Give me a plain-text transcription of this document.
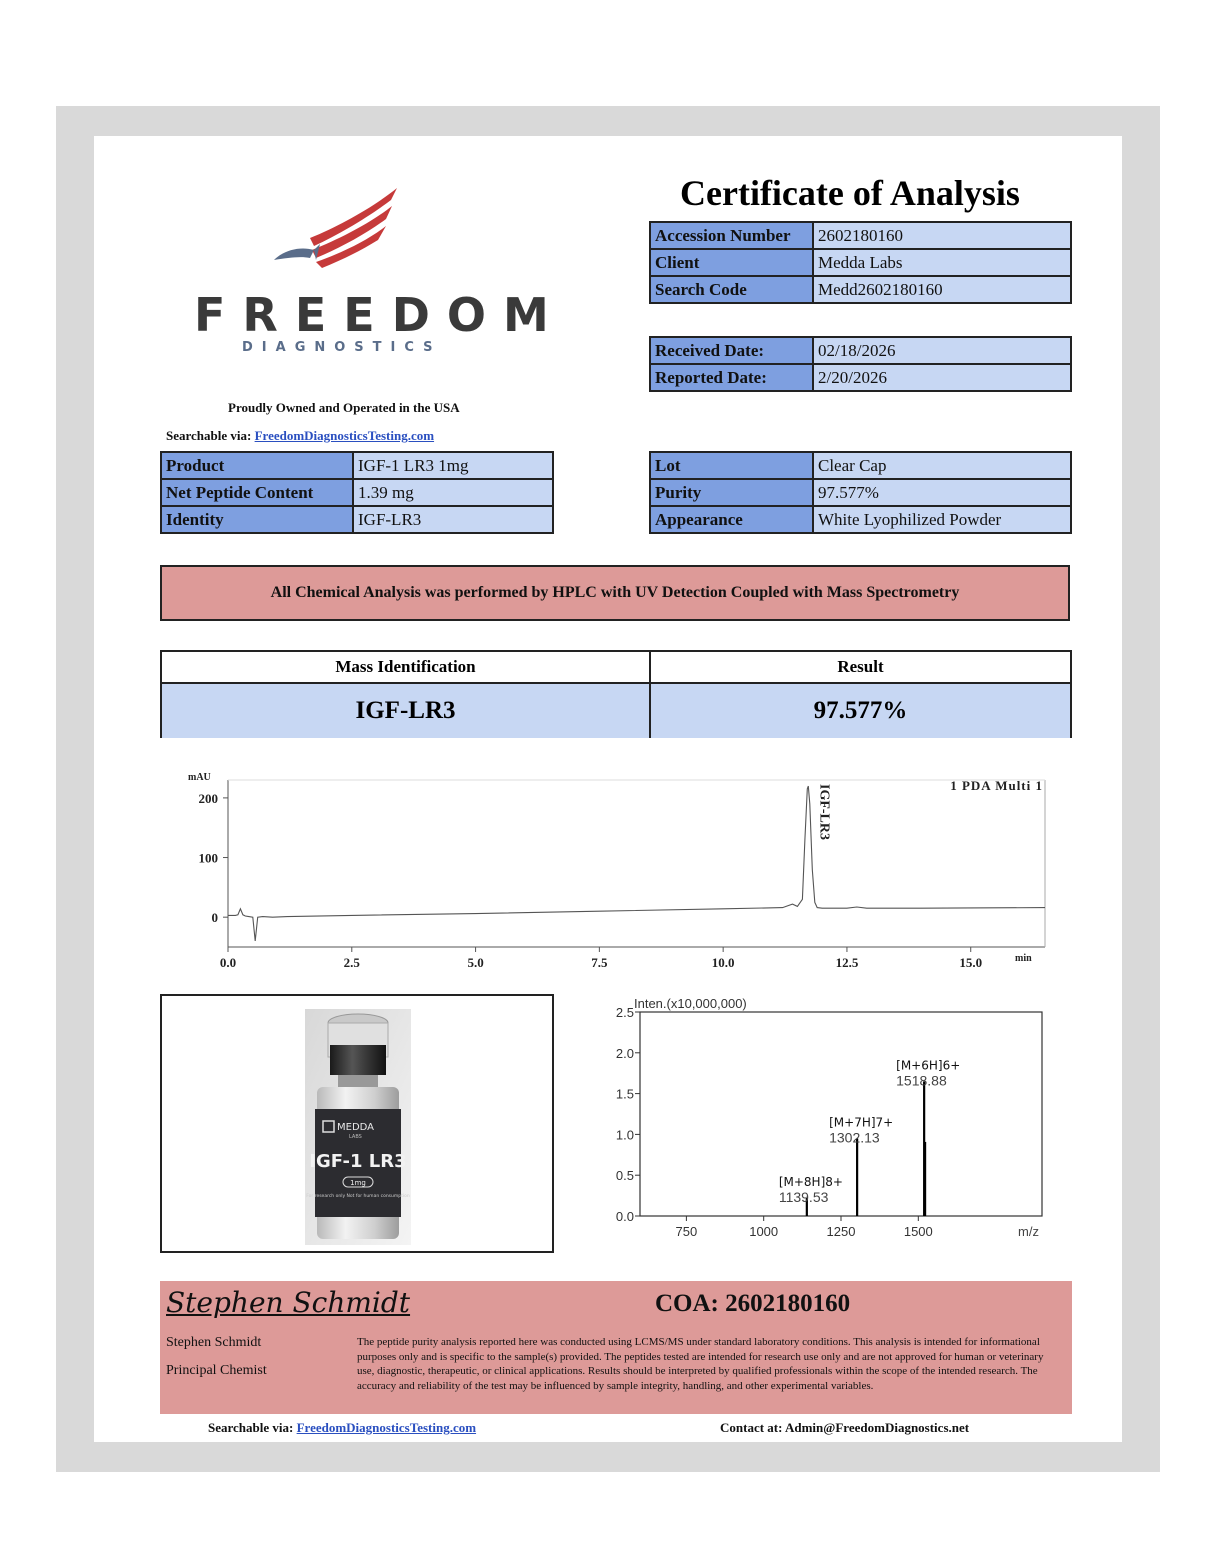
FREEDOM
DIAGNOSTICS
Proudly Owned and Operated in the USA
Searchable via: FreedomDiagnosticsTesting.com
Certificate of Analysis
Accession Number	2602180160
Client	Medda Labs
Search Code	Medd2602180160
Received Date:	02/18/2026
Reported Date:	2/20/2026
Product	IGF-1 LR3 1mg
Net Peptide Content	1.39 mg
Identity	IGF-LR3
Lot	Clear Cap
Purity	97.577%
Appearance	White Lyophilized Powder
All Chemical Analysis was performed by HPLC with UV Detection Coupled with Mass Spectrometry
Mass Identification	Result
IGF-LR3	97.577%
0
100
200
0.0	2.5	5.0	7.5	10.0	12.5	15.0
mAU
min
1 PDA Multi 1
IGF-LR3
MEDDA
LABS
IGF-1 LR3
1mg
For research only Not for human consumption
0.0
0.5
1.0
1.5
2.0
2.5
750	1000	1250	1500
Inten.(x10,000,000)
m/z
[M+8H]8+
1139.53
[M+7H]7+
1302.13
[M+6H]6+
1518.88
Stephen Schmidt	COA: 2602180160
Stephen Schmidt
Principal Chemist
The peptide purity analysis reported here was conducted using LCMS/MS under standard laboratory conditions. This analysis is intended for informational purposes only and is specific to the sample(s) provided. The peptides tested are intended for research use only and are not approved for human or veterinary use, diagnostic, therapeutic, or clinical applications. Results should be interpreted by qualified professionals within the scope of the intended research. The accuracy and reliability of the test may be influenced by sample integrity, handling, and other experimental variables.
Searchable via: FreedomDiagnosticsTesting.com	Contact at: Admin@FreedomDiagnostics.net
